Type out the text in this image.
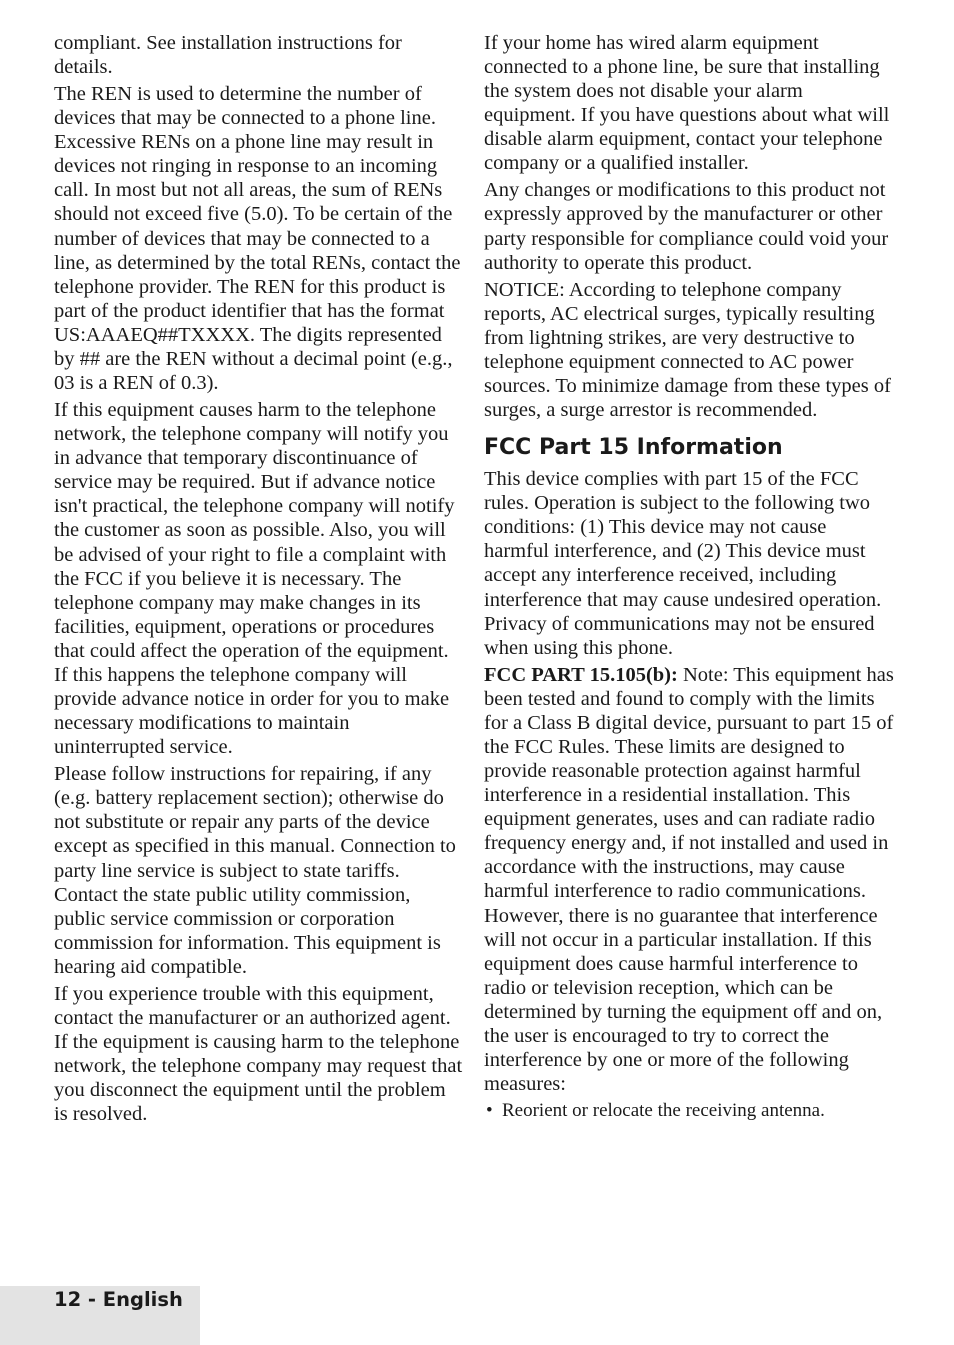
compliant. See installation instructions for details.

The REN is used to determine the number of devices that may be connected to a phone line. Excessive RENs on a phone line may result in devices not ringing in response to an incoming call. In most but not all areas, the sum of RENs should not exceed five (5.0). To be certain of the number of devices that may be connected to a line, as determined by the total RENs, contact the telephone provider. The REN for this product is part of the product identifier that has the format US:AAAEQ##TXXXX. The digits represented by ## are the REN without a decimal point (e.g., 03 is a REN of 0.3).

If this equipment causes harm to the telephone network, the telephone company will notify you in advance that temporary discontinuance of service may be required. But if advance notice isn't practical, the telephone company will notify the customer as soon as possible. Also, you will be advised of your right to file a complaint with the FCC if you believe it is necessary. The telephone company may make changes in its facilities, equipment, operations or procedures that could affect the operation of the equipment. If this happens the telephone company will provide advance notice in order for you to make necessary modifications to maintain uninterrupted service.

Please follow instructions for repairing, if any (e.g. battery replacement section); otherwise do not substitute or repair any parts of the device except as specified in this manual. Connection to party line service is subject to state tariffs. Contact the state public utility commission, public service commission or corporation commission for information. This equipment is hearing aid compatible.

If you experience trouble with this equipment, contact the manufacturer or an authorized agent. If the equipment is causing harm to the telephone network, the telephone company may request that you disconnect the equipment until the problem is resolved.

If your home has wired alarm equipment connected to a phone line, be sure that installing the system does not disable your alarm equipment. If you have questions about what will disable alarm equipment, contact your telephone company or a qualified installer.

Any changes or modifications to this product not expressly approved by the manufacturer or other party responsible for compliance could void your authority to operate this product.

NOTICE: According to telephone company reports, AC electrical surges, typically resulting from lightning strikes, are very destructive to telephone equipment connected to AC power sources. To minimize damage from these types of surges, a surge arrestor is recommended.

FCC Part 15 Information

This device complies with part 15 of the FCC rules. Operation is subject to the following two conditions: (1) This device may not cause harmful interference, and (2) This device must accept any interference received, including interference that may cause undesired operation. Privacy of communications may not be ensured when using this phone.

FCC PART 15.105(b): Note: This equipment has been tested and found to comply with the limits for a Class B digital device, pursuant to part 15 of the FCC Rules. These limits are designed to provide reasonable protection against harmful interference in a residential installation. This equipment generates, uses and can radiate radio frequency energy and, if not installed and used in accordance with the instructions, may cause harmful interference to radio communications. However, there is no guarantee that interference will not occur in a particular installation. If this equipment does cause harmful interference to radio or television reception, which can be determined by turning the equipment off and on, the user is encouraged to try to correct the interference by one or more of the following measures:

• Reorient or relocate the receiving antenna.
12 - English
